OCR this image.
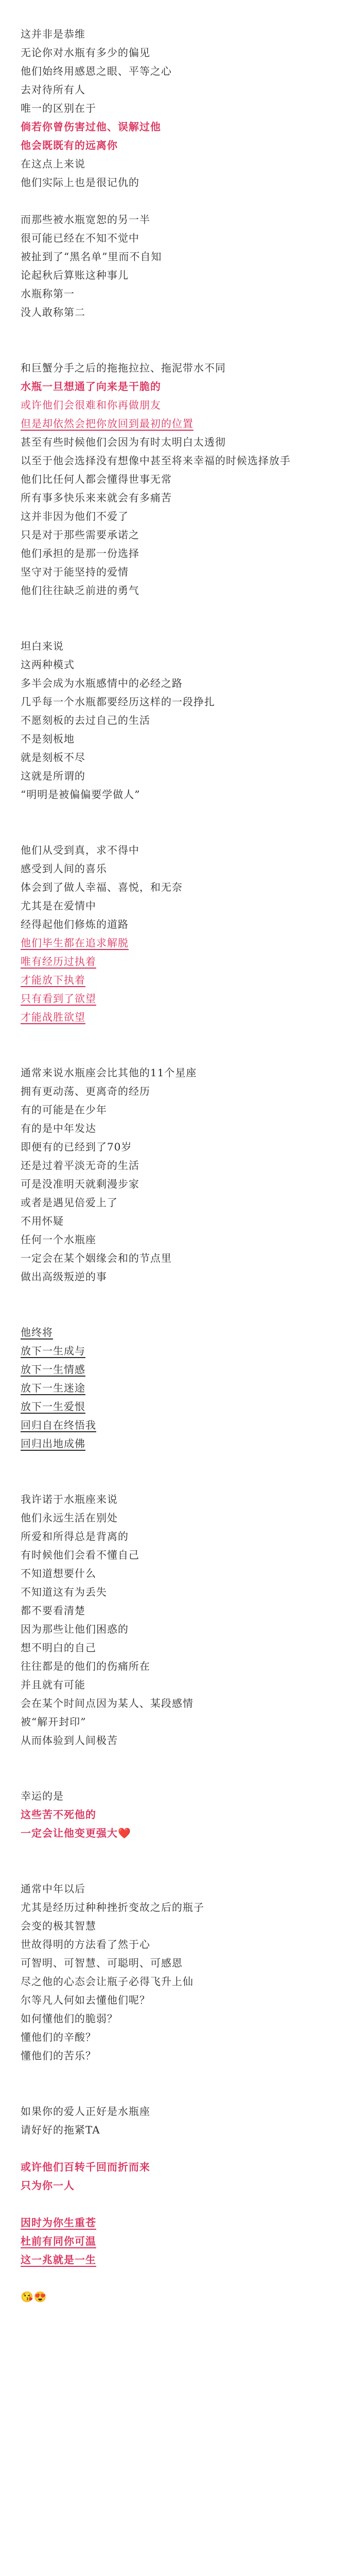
这并非是恭维
无论你对水瓶有多少的偏见
他们始终用感恩之眼、平等之心
去对待所有人
唯一的区别在于
倘若你曾伤害过他、误解过他
他会既既有的远离你
在这点上来说
他们实际上也是很记仇的
而那些被水瓶宽恕的另一半
很可能已经在不知不觉中
被扯到了“黑名单”里而不自知
论起秋后算账这种事儿
水瓶称第一
没人敢称第二
和巨蟹分手之后的拖拖拉拉、拖泥带水不同
水瓶一旦想通了向来是干脆的
或许他们会很难和你再做朋友
但是却依然会把你放回到最初的位置
甚至有些时候他们会因为有时太明白太透彻
以至于他会选择没有想像中甚至将来幸福的时候选择放手
他们比任何人都会懂得世事无常
所有事多快乐来来就会有多痛苦
这并非因为他们不爱了
只是对于那些需要承诺之
他们承担的是那一份选择
坚守对于能坚持的爱情
他们往往缺乏前进的勇气
坦白来说
这两种模式
多半会成为水瓶感情中的必经之路
几乎每一个水瓶都要经历这样的一段挣扎
不愿刻板的去过自己的生活
不是刻板地
就是刻板不尽
这就是所谓的
“明明是被偏偏要学做人”
他们从受到真，求不得中
感受到人间的喜乐
体会到了做人幸福、喜悦，和无奈
尤其是在爱情中
经得起他们修炼的道路
他们毕生都在追求解脱
唯有经历过执着
才能放下执着
只有看到了欲望
才能战胜欲望
通常来说水瓶座会比其他的11个星座
拥有更动荡、更离奇的经历
有的可能是在少年
有的是中年发达
即便有的已经到了70岁
还是过着平淡无奇的生活
可是没准明天就剩漫步家
或者是遇见倍爱上了
不用怀疑
任何一个水瓶座
一定会在某个姻缘会和的节点里
做出高级叛逆的事
他终将
放下一生成与
放下一生情感
放下一生迷途
放下一生爱恨
回归自在终悟我
回归出地成佛
我许诺于水瓶座来说
他们永远生活在别处
所爱和所得总是背离的
有时候他们会看不懂自己
不知道想要什么
不知道这有为丢失
都不要看清楚
因为那些让他们困惑的
想不明白的自己
往往都是的他们的伤痛所在
并且就有可能
会在某个时间点因为某人、某段感情
被“解开封印”
从而体验到人间极苦
幸运的是
这些苦不死他的
一定会让他变更强大❤️
通常中年以后
尤其是经历过种种挫折变故之后的瓶子
会变的极其智慧
世故得明的方法看了然于心
可智明、可智慧、可聪明、可感恩
尽之他的心态会让瓶子必得飞升上仙
尔等凡人何如去懂他们呢？
如何懂他们的脆弱？
懂他们的辛酸？
懂他们的苦乐？
如果你的爱人正好是水瓶座
请好好的拖紧TA
或许他们百转千回而折而来
只为你一人
因时为你生重苍
杜前有同你可温
这一兆就是一生
😘😍
